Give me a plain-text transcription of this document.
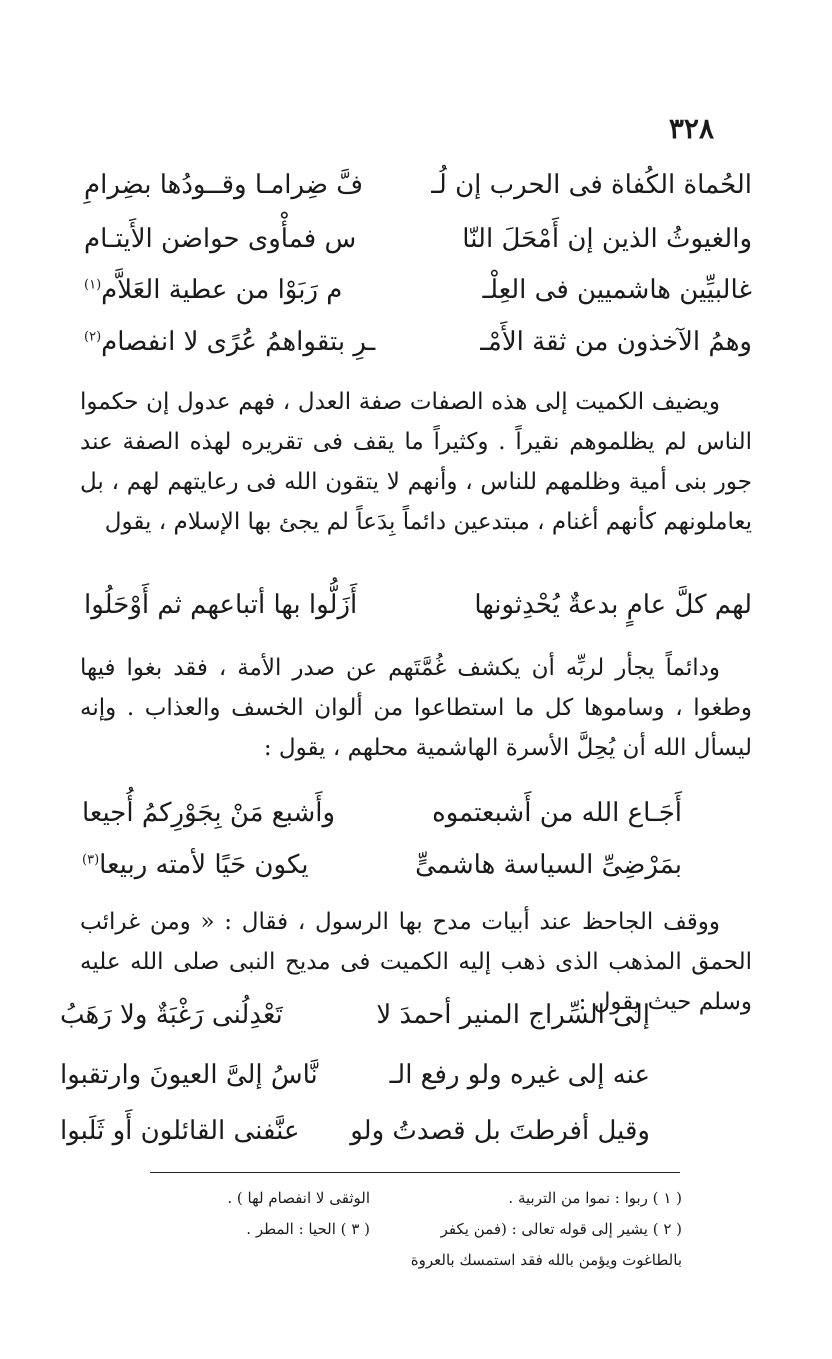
٣٢٨
الحُماة الكُفاة فى الحرب إن لُـ
فَّ ضِرامـا وقــودُها بضِرامِ
والغيوثُ الذين إن أَمْحَلَ النّا
س فمأْوى حواضن الأَيتـام
غالبيِّين هاشميين فى العِلْـ
م رَبَوْا من عطية العَلاَّم$^{(١)}$
وهمُ الآخذون من ثقة الأَمْـ
ـرِ بتقواهمُ عُرًى لا انفصام$^{(٢)}$

ويضيف الكميت إلى هذه الصفات صفة العدل ، فهم عدول إن حكموا الناس لم يظلموهم نقيراً . وكثيراً ما يقف فى تقريره لهذه الصفة عند جور بنى أمية وظلمهم للناس ، وأنهم لا يتقون الله فى رعايتهم لهم ، بل يعاملونهم كأنهم أغنام ، مبتدعين دائماً بِدَعاً لم يجئ بها الإسلام ، يقول

لهم كلَّ عامٍ بدعةٌ يُحْدِثونها
أَزَلُّوا بها أتباعهم ثم أَوْحَلُوا

ودائماً يجأر لربِّه أن يكشف غُمَّتَهم عن صدر الأمة ، فقد بغوا فيها وطغوا ، وساموها كل ما استطاعوا من ألوان الخسف والعذاب . وإنه ليسأل الله أن يُحِلَّ الأسرة الهاشمية محلهم ، يقول :

أَجَـاع الله من أَشبعتموه
وأَشبع مَنْ بِجَوْرِكمُ أُجيعا
بمَرْضِىِّ السياسة هاشمىٍّ
يكون حَيًا لأمته ربيعا$^{(٣)}$

ووقف الجاحظ عند أبيات مدح بها الرسول ، فقال : « ومن غرائب الحمق المذهب الذى ذهب إليه الكميت فى مديح النبى صلى الله عليه وسلم حيث يقول :

إلى السِّراج المنير أحمدَ لا
تَعْدِلُنى رَغْبَةٌ ولا رَهَبُ
عنه إلى غيره ولو رفع الـ
نَّاسُ إلىَّ العيونَ وارتقبوا
وقيل أفرطتَ بل قصدتُ ولو
عنَّفنى القائلون أَو ثَلَبوا
( ١ ) ربوا : نموا من التربية .
( ٢ ) يشير إلى قوله تعالى : (فمن يكفر
بالطاغوت ويؤمن بالله فقد استمسك بالعروة
الوثقى لا انفصام لها ) .
( ٣ ) الحيا : المطر .
